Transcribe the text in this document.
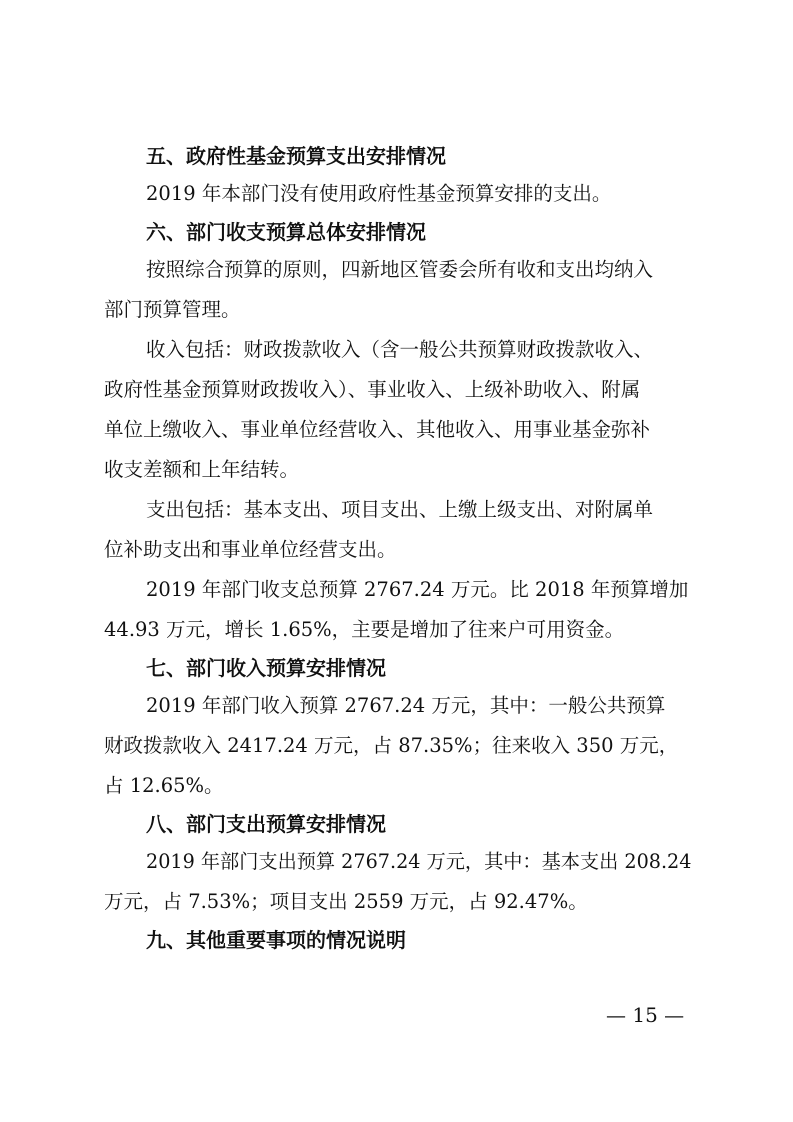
五、政府性基金预算支出安排情况
2019 年本部门没有使用政府性基金预算安排的支出。
六、部门收支预算总体安排情况
按照综合预算的原则，四新地区管委会所有收和支出均纳入
部门预算管理。
收入包括：财政拨款收入（含一般公共预算财政拨款收入、
政府性基金预算财政拨收入）、事业收入、上级补助收入、附属
单位上缴收入、事业单位经营收入、其他收入、用事业基金弥补
收支差额和上年结转。
支出包括：基本支出、项目支出、上缴上级支出、对附属单
位补助支出和事业单位经营支出。
2019 年部门收支总预算 2767.24 万元。比 2018 年预算增加
44.93 万元，增长 1.65%，主要是增加了往来户可用资金。
七、部门收入预算安排情况
2019 年部门收入预算 2767.24 万元，其中：一般公共预算
财政拨款收入 2417.24 万元，占 87.35%；往来收入 350 万元，
占 12.65%。
八、部门支出预算安排情况
2019 年部门支出预算 2767.24 万元，其中：基本支出 208.24
万元，占 7.53%；项目支出 2559 万元，占 92.47%。
九、其他重要事项的情况说明
— 15 —
